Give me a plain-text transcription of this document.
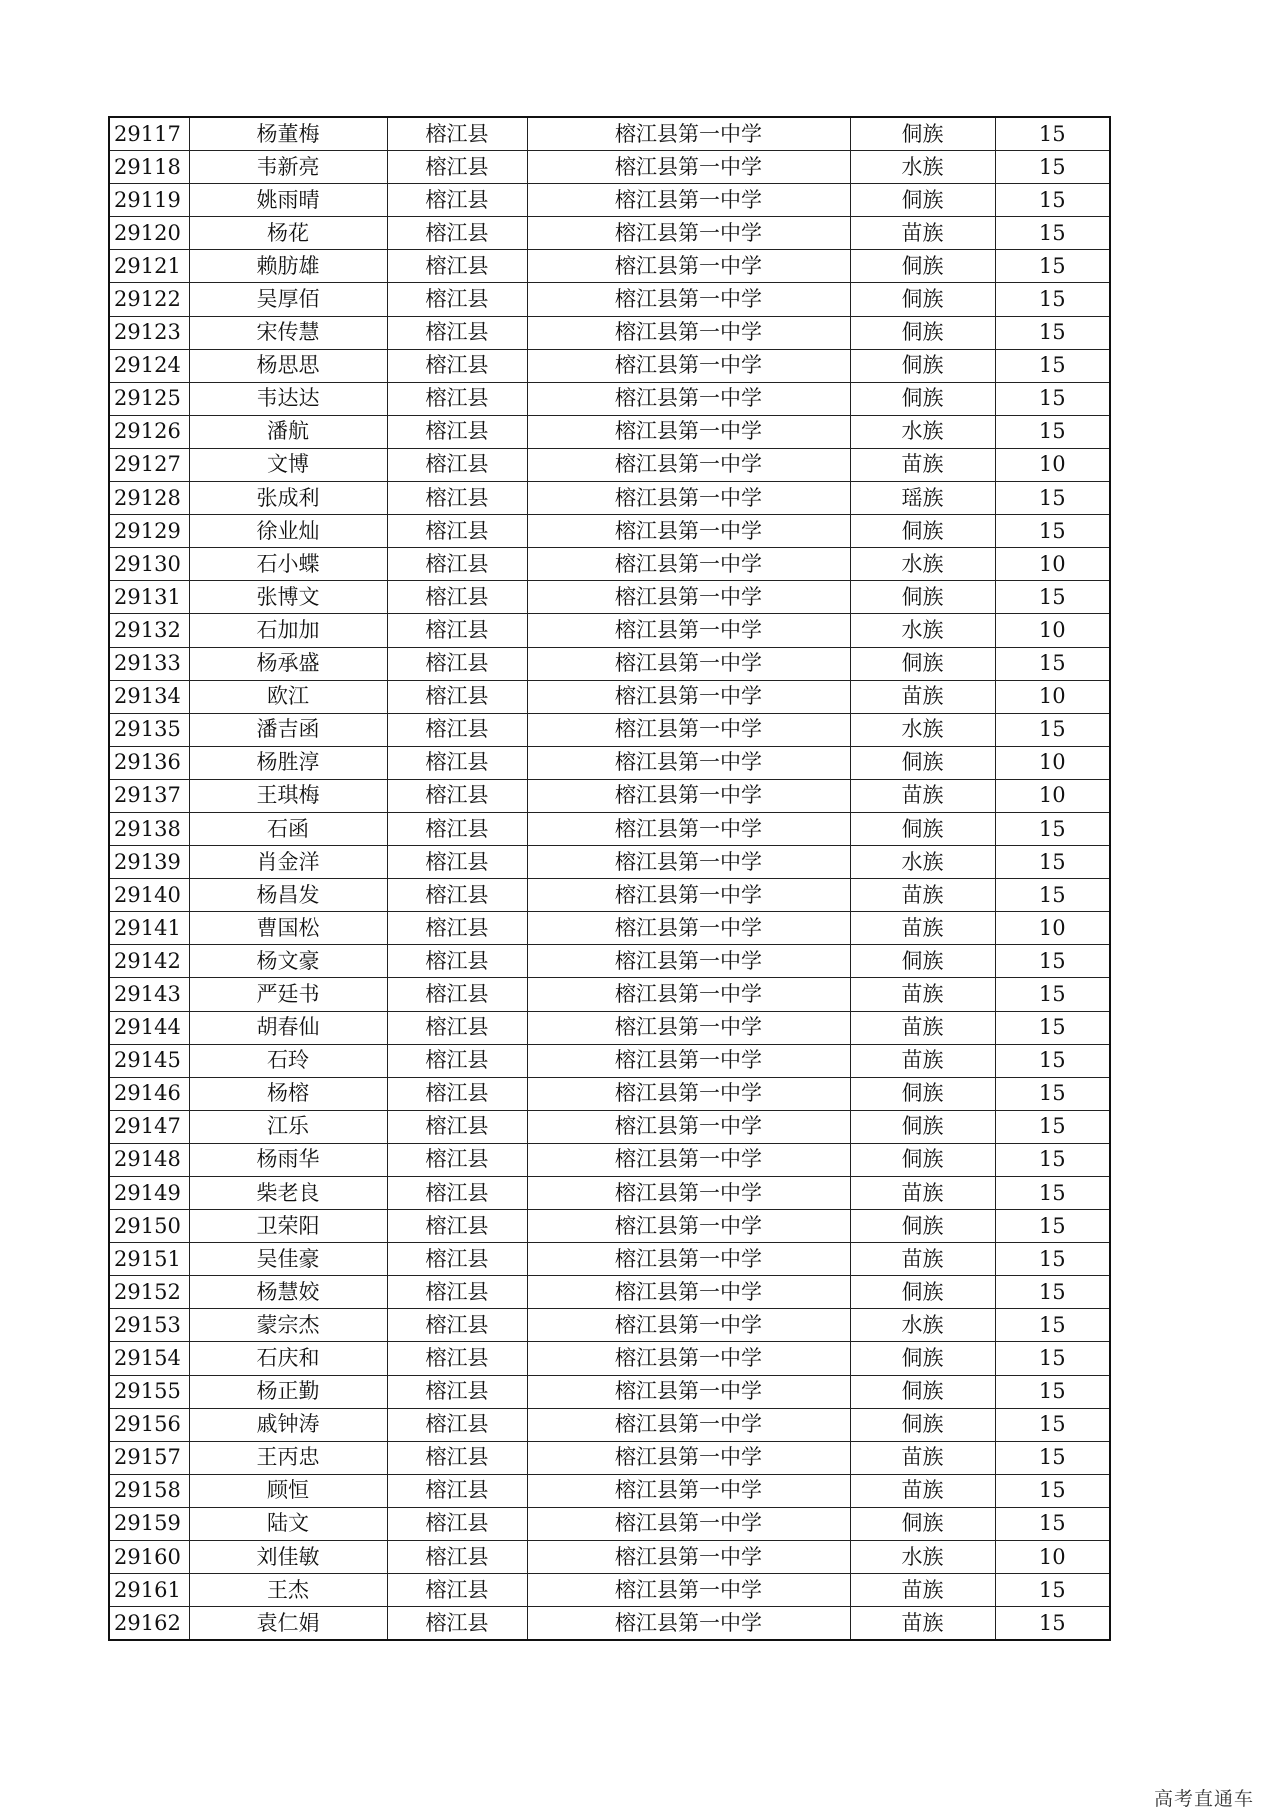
29117	杨董梅	榕江县	榕江县第一中学	侗族	15
29118	韦新亮	榕江县	榕江县第一中学	水族	15
29119	姚雨晴	榕江县	榕江县第一中学	侗族	15
29120	杨花	榕江县	榕江县第一中学	苗族	15
29121	赖肪雄	榕江县	榕江县第一中学	侗族	15
29122	吴厚佰	榕江县	榕江县第一中学	侗族	15
29123	宋传慧	榕江县	榕江县第一中学	侗族	15
29124	杨思思	榕江县	榕江县第一中学	侗族	15
29125	韦达达	榕江县	榕江县第一中学	侗族	15
29126	潘航	榕江县	榕江县第一中学	水族	15
29127	文博	榕江县	榕江县第一中学	苗族	10
29128	张成利	榕江县	榕江县第一中学	瑶族	15
29129	徐业灿	榕江县	榕江县第一中学	侗族	15
29130	石小蝶	榕江县	榕江县第一中学	水族	10
29131	张博文	榕江县	榕江县第一中学	侗族	15
29132	石加加	榕江县	榕江县第一中学	水族	10
29133	杨承盛	榕江县	榕江县第一中学	侗族	15
29134	欧江	榕江县	榕江县第一中学	苗族	10
29135	潘吉函	榕江县	榕江县第一中学	水族	15
29136	杨胜淳	榕江县	榕江县第一中学	侗族	10
29137	王琪梅	榕江县	榕江县第一中学	苗族	10
29138	石函	榕江县	榕江县第一中学	侗族	15
29139	肖金洋	榕江县	榕江县第一中学	水族	15
29140	杨昌发	榕江县	榕江县第一中学	苗族	15
29141	曹国松	榕江县	榕江县第一中学	苗族	10
29142	杨文豪	榕江县	榕江县第一中学	侗族	15
29143	严廷书	榕江县	榕江县第一中学	苗族	15
29144	胡春仙	榕江县	榕江县第一中学	苗族	15
29145	石玲	榕江县	榕江县第一中学	苗族	15
29146	杨榕	榕江县	榕江县第一中学	侗族	15
29147	江乐	榕江县	榕江县第一中学	侗族	15
29148	杨雨华	榕江县	榕江县第一中学	侗族	15
29149	柴老良	榕江县	榕江县第一中学	苗族	15
29150	卫荣阳	榕江县	榕江县第一中学	侗族	15
29151	吴佳豪	榕江县	榕江县第一中学	苗族	15
29152	杨慧姣	榕江县	榕江县第一中学	侗族	15
29153	蒙宗杰	榕江县	榕江县第一中学	水族	15
29154	石庆和	榕江县	榕江县第一中学	侗族	15
29155	杨正勤	榕江县	榕江县第一中学	侗族	15
29156	戚钟涛	榕江县	榕江县第一中学	侗族	15
29157	王丙忠	榕江县	榕江县第一中学	苗族	15
29158	顾恒	榕江县	榕江县第一中学	苗族	15
29159	陆文	榕江县	榕江县第一中学	侗族	15
29160	刘佳敏	榕江县	榕江县第一中学	水族	10
29161	王杰	榕江县	榕江县第一中学	苗族	15
29162	袁仁娟	榕江县	榕江县第一中学	苗族	15
高考直通车
